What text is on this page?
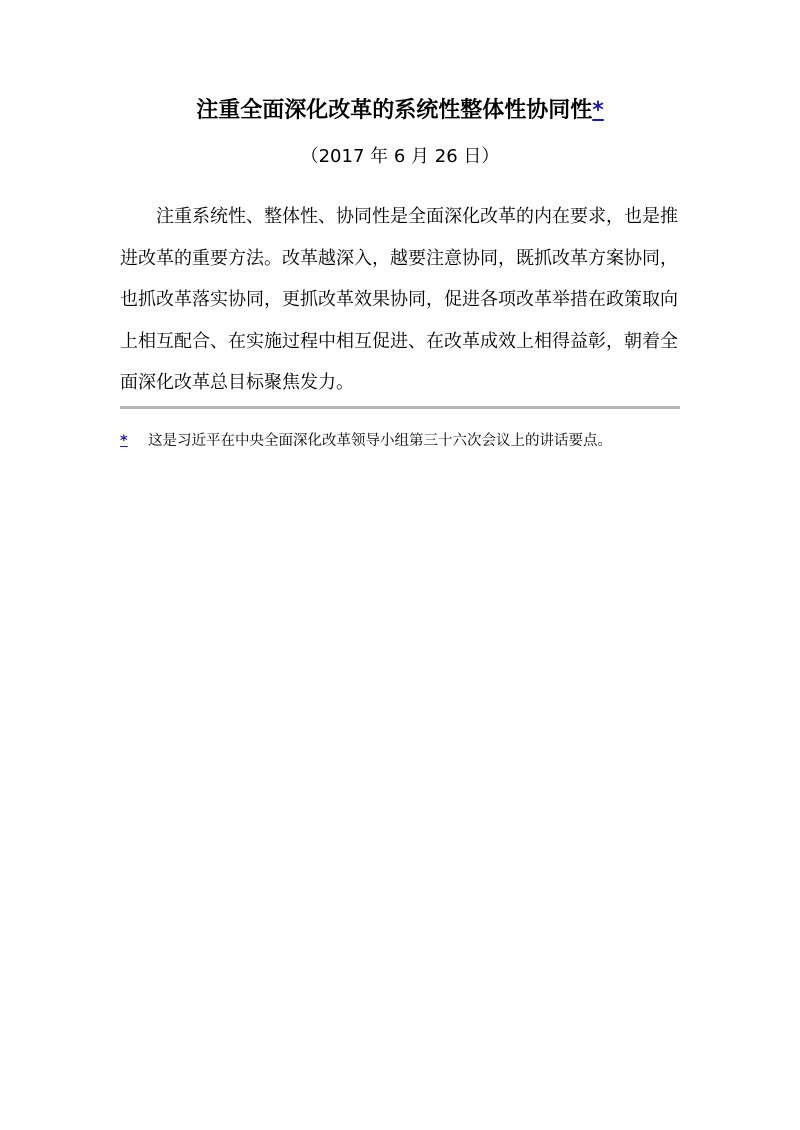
注重全面深化改革的系统性整体性协同性*
（2017 年 6 月 26 日）

注重系统性、整体性、协同性是全面深化改革的内在要求，也是推进改革的重要方法。改革越深入，越要注意协同，既抓改革方案协同，也抓改革落实协同，更抓改革效果协同，促进各项改革举措在政策取向上相互配合、在实施过程中相互促进、在改革成效上相得益彰，朝着全面深化改革总目标聚焦发力。

* 这是习近平在中央全面深化改革领导小组第三十六次会议上的讲话要点。
